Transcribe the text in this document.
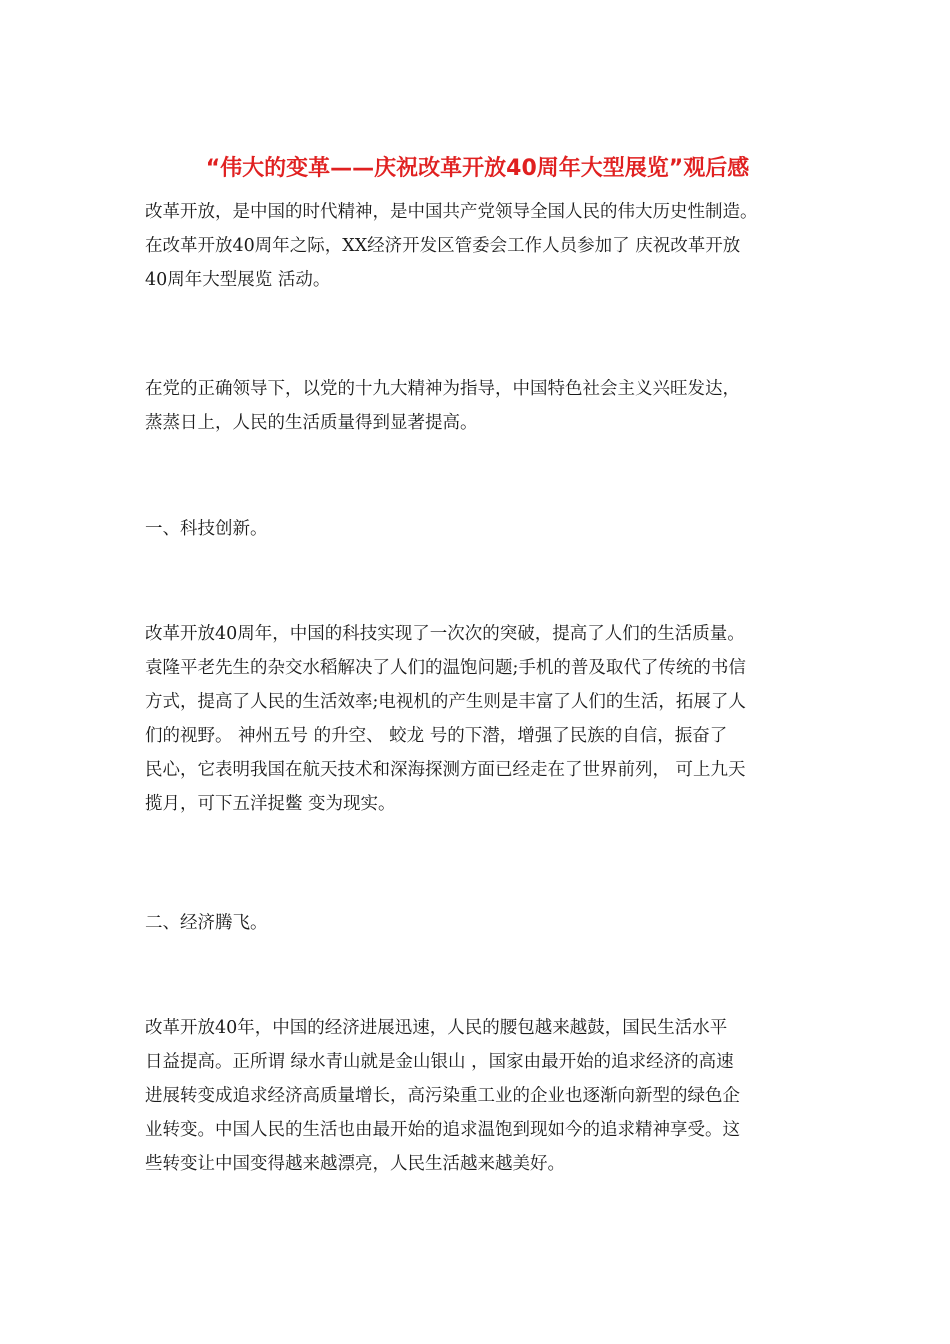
“伟大的变革——庆祝改革开放40周年大型展览”观后感
改革开放，是中国的时代精神，是中国共产党领导全国人民的伟大历史性制造。
在改革开放40周年之际，XX经济开发区管委会工作人员参加了 庆祝改革开放
40周年大型展览 活动。
在党的正确领导下，以党的十九大精神为指导，中国特色社会主义兴旺发达，
蒸蒸日上，人民的生活质量得到显著提高。
一、科技创新。
改革开放40周年，中国的科技实现了一次次的突破，提高了人们的生活质量。
袁隆平老先生的杂交水稻解决了人们的温饱问题;手机的普及取代了传统的书信
方式，提高了人民的生活效率;电视机的产生则是丰富了人们的生活，拓展了人
们的视野。 神州五号 的升空、 蛟龙 号的下潜，增强了民族的自信，振奋了
民心，它表明我国在航天技术和深海探测方面已经走在了世界前列， 可上九天
揽月，可下五洋捉鳖 变为现实。
二、经济腾飞。
改革开放40年，中国的经济进展迅速，人民的腰包越来越鼓，国民生活水平
日益提高。正所谓 绿水青山就是金山银山 ，国家由最开始的追求经济的高速
进展转变成追求经济高质量增长，高污染重工业的企业也逐渐向新型的绿色企
业转变。中国人民的生活也由最开始的追求温饱到现如今的追求精神享受。这
些转变让中国变得越来越漂亮，人民生活越来越美好。
